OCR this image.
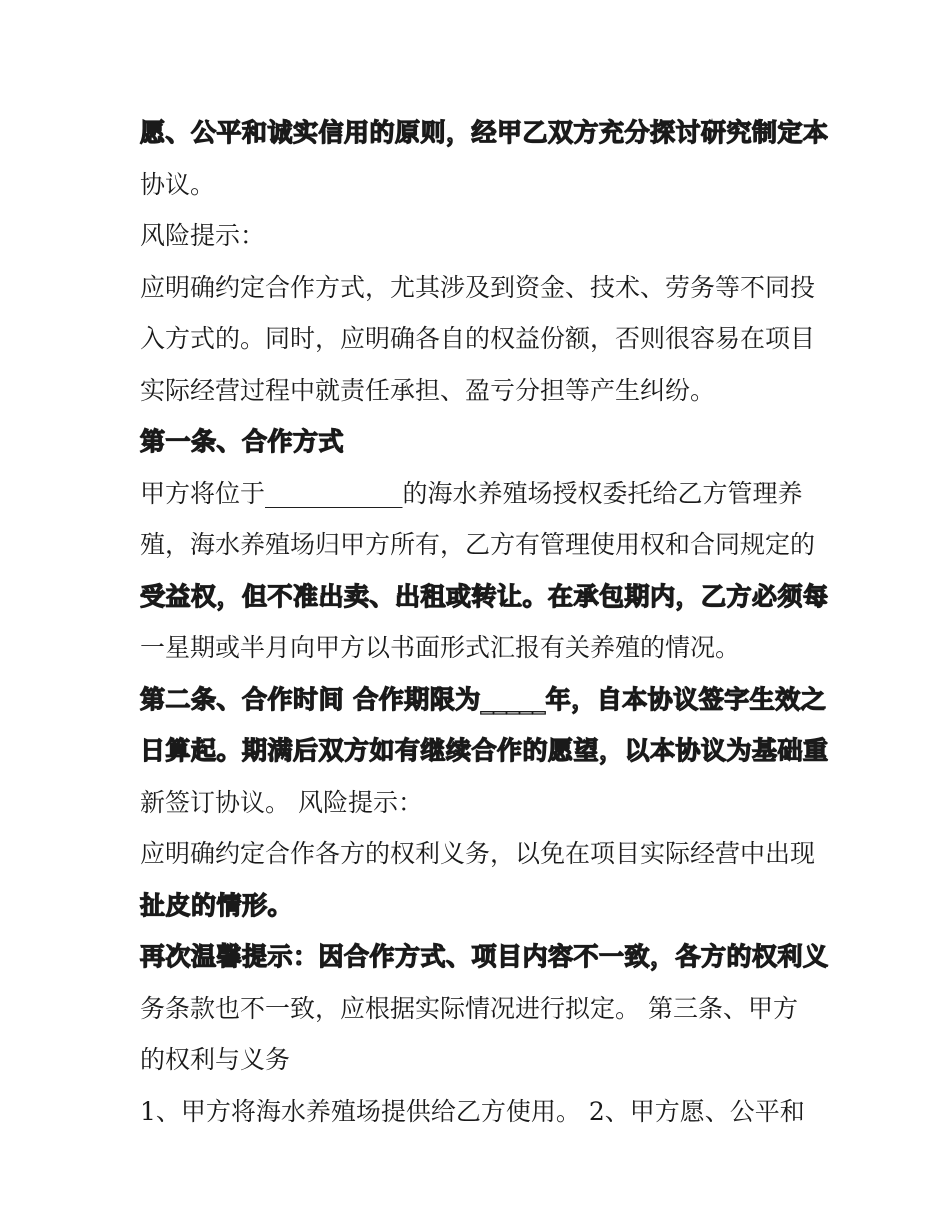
愿、公平和诚实信用的原则，经甲乙双方充分探讨研究制定本
协议。
风险提示：
应明确约定合作方式，尤其涉及到资金、技术、劳务等不同投
入方式的。同时，应明确各自的权益份额，否则很容易在项目
实际经营过程中就责任承担、盈亏分担等产生纠纷。
第一条、合作方式
甲方将位于___________的海水养殖场授权委托给乙方管理养
殖，海水养殖场归甲方所有，乙方有管理使用权和合同规定的
受益权，但不准出卖、出租或转让。在承包期内，乙方必须每
一星期或半月向甲方以书面形式汇报有关养殖的情况。
第二条、合作时间 合作期限为_____年，自本协议签字生效之
日算起。期满后双方如有继续合作的愿望，以本协议为基础重
新签订协议。 风险提示：
应明确约定合作各方的权利义务，以免在项目实际经营中出现
扯皮的情形。
再次温馨提示：因合作方式、项目内容不一致，各方的权利义
务条款也不一致，应根据实际情况进行拟定。 第三条、甲方
的权利与义务
1、甲方将海水养殖场提供给乙方使用。 2、甲方愿、公平和
